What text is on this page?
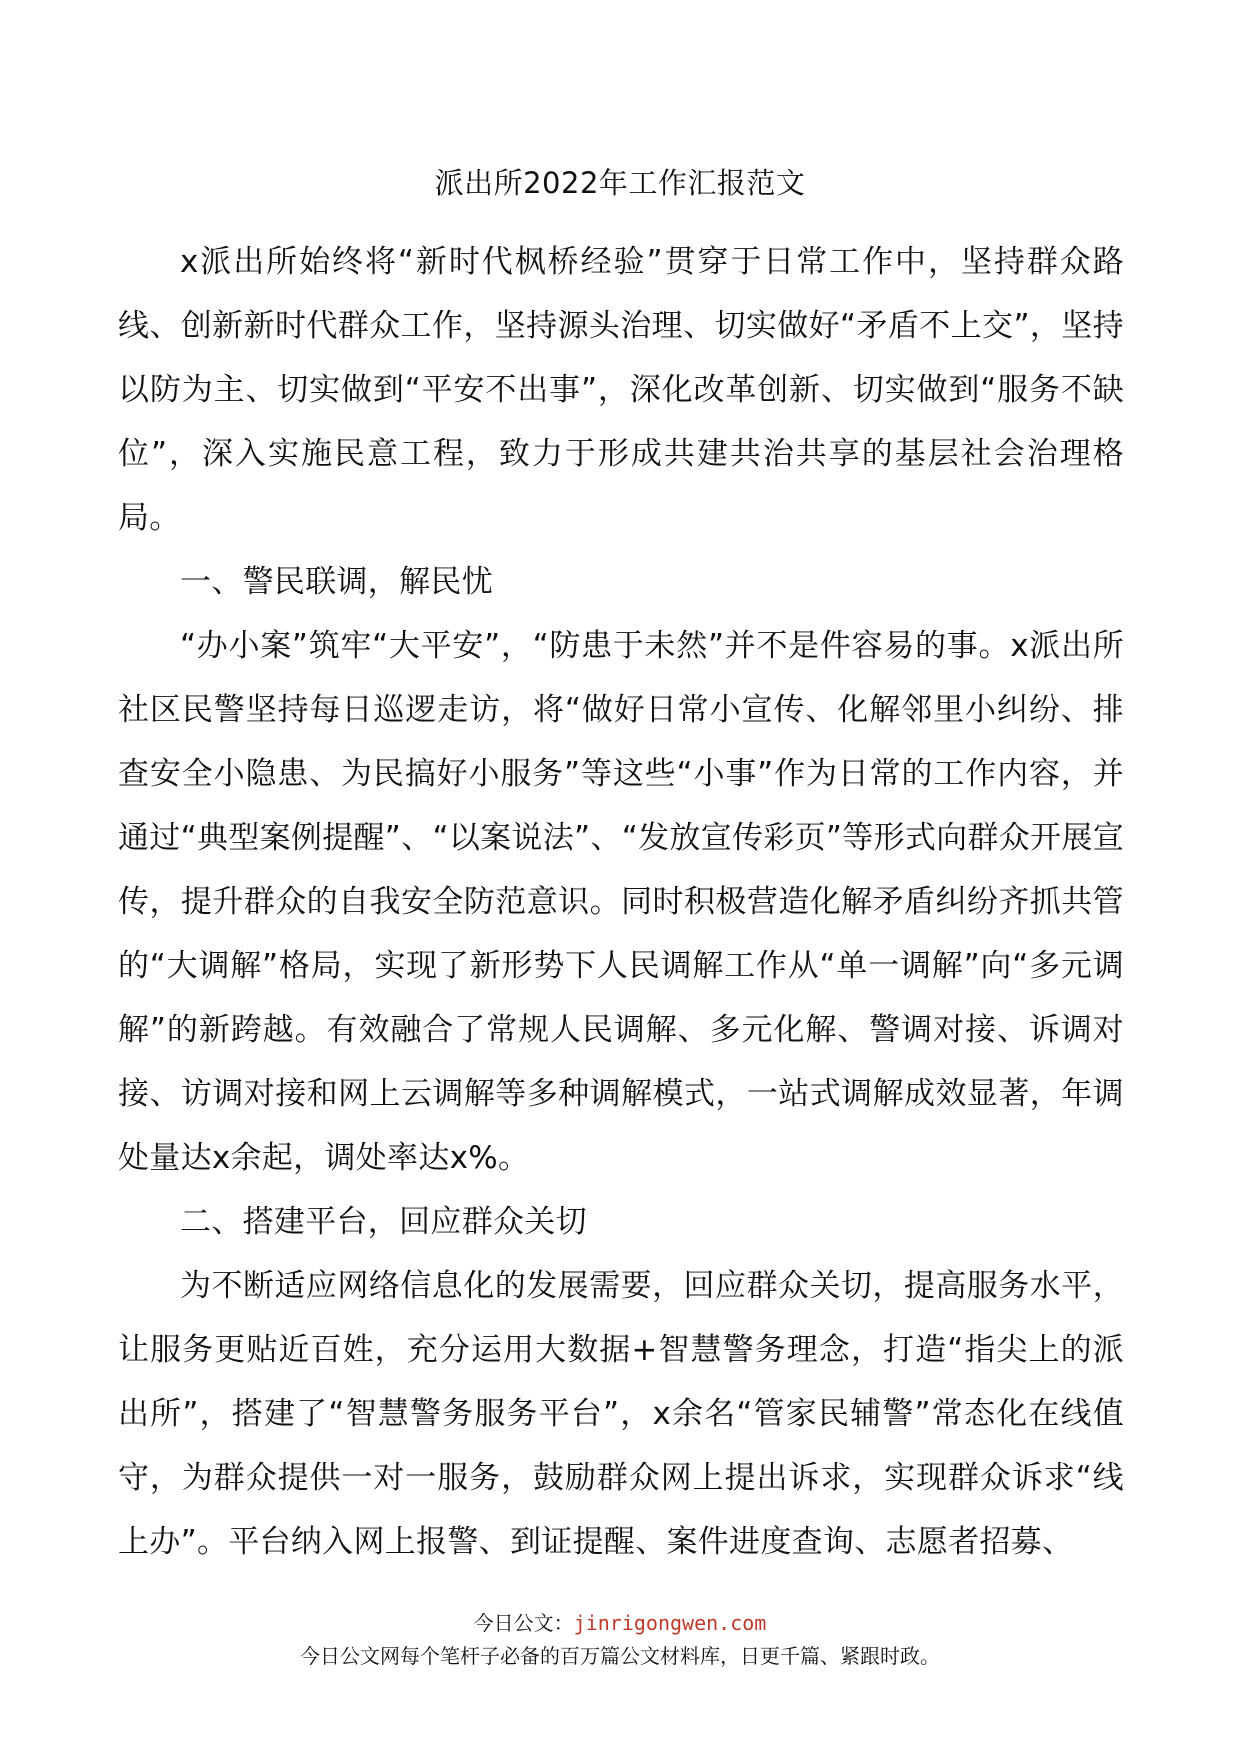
派出所2022年工作汇报范文

x派出所始终将“新时代枫桥经验”贯穿于日常工作中，坚持群众路线、创新新时代群众工作，坚持源头治理、切实做好“矛盾不上交”，坚持以防为主、切实做到“平安不出事”，深化改革创新、切实做到“服务不缺位”，深入实施民意工程，致力于形成共建共治共享的基层社会治理格局。

一、警民联调，解民忧

“办小案”筑牢“大平安”，“防患于未然”并不是件容易的事。x派出所社区民警坚持每日巡逻走访，将“做好日常小宣传、化解邻里小纠纷、排查安全小隐患、为民搞好小服务”等这些“小事”作为日常的工作内容，并通过“典型案例提醒”、“以案说法”、“发放宣传彩页”等形式向群众开展宣传，提升群众的自我安全防范意识。同时积极营造化解矛盾纠纷齐抓共管的“大调解”格局，实现了新形势下人民调解工作从“单一调解”向“多元调解”的新跨越。有效融合了常规人民调解、多元化解、警调对接、诉调对接、访调对接和网上云调解等多种调解模式，一站式调解成效显著，年调处量达x余起，调处率达x%。

二、搭建平台，回应群众关切

为不断适应网络信息化的发展需要，回应群众关切，提高服务水平，让服务更贴近百姓，充分运用大数据+智慧警务理念，打造“指尖上的派出所”，搭建了“智慧警务服务平台”，x余名“管家民辅警”常态化在线值守，为群众提供一对一服务，鼓励群众网上提出诉求，实现群众诉求“线上办”。平台纳入网上报警、到证提醒、案件进度查询、志愿者招募、

今日公文：jinrigongwen.com
今日公文网每个笔杆子必备的百万篇公文材料库，日更千篇、紧跟时政。
